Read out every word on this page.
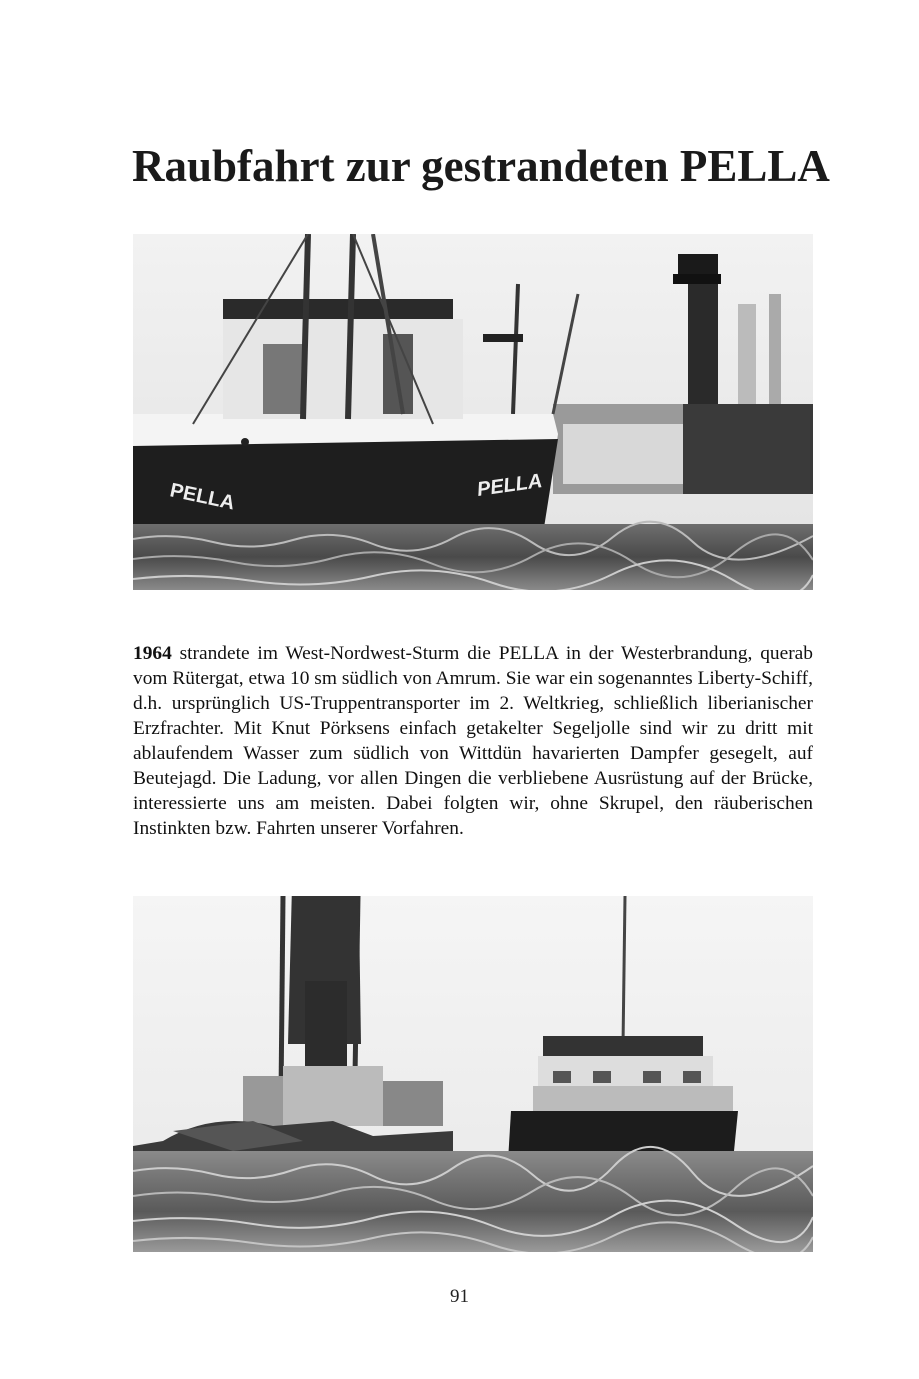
Raubfahrt zur gestrandeten PELLA
PELLA	PELLA

1964 strandete im West-Nordwest-Sturm die PELLA in der Westerbrandung, querab vom Rütergat, etwa 10 sm südlich von Amrum. Sie war ein sogenanntes Liberty-Schiff, d.h. ursprünglich US-Truppentransporter im 2. Weltkrieg, schließlich liberianischer Erzfrachter. Mit Knut Pörksens einfach getakelter Segeljolle sind wir zu dritt mit ablaufendem Wasser zum südlich von Wittdün havarierten Dampfer gesegelt, auf Beutejagd. Die Ladung, vor allen Dingen die verbliebene Ausrüstung auf der Brücke, interessierte uns am meisten. Dabei folgten wir, ohne Skrupel, den räuberischen Instinkten bzw. Fahrten unserer Vorfahren.

91
